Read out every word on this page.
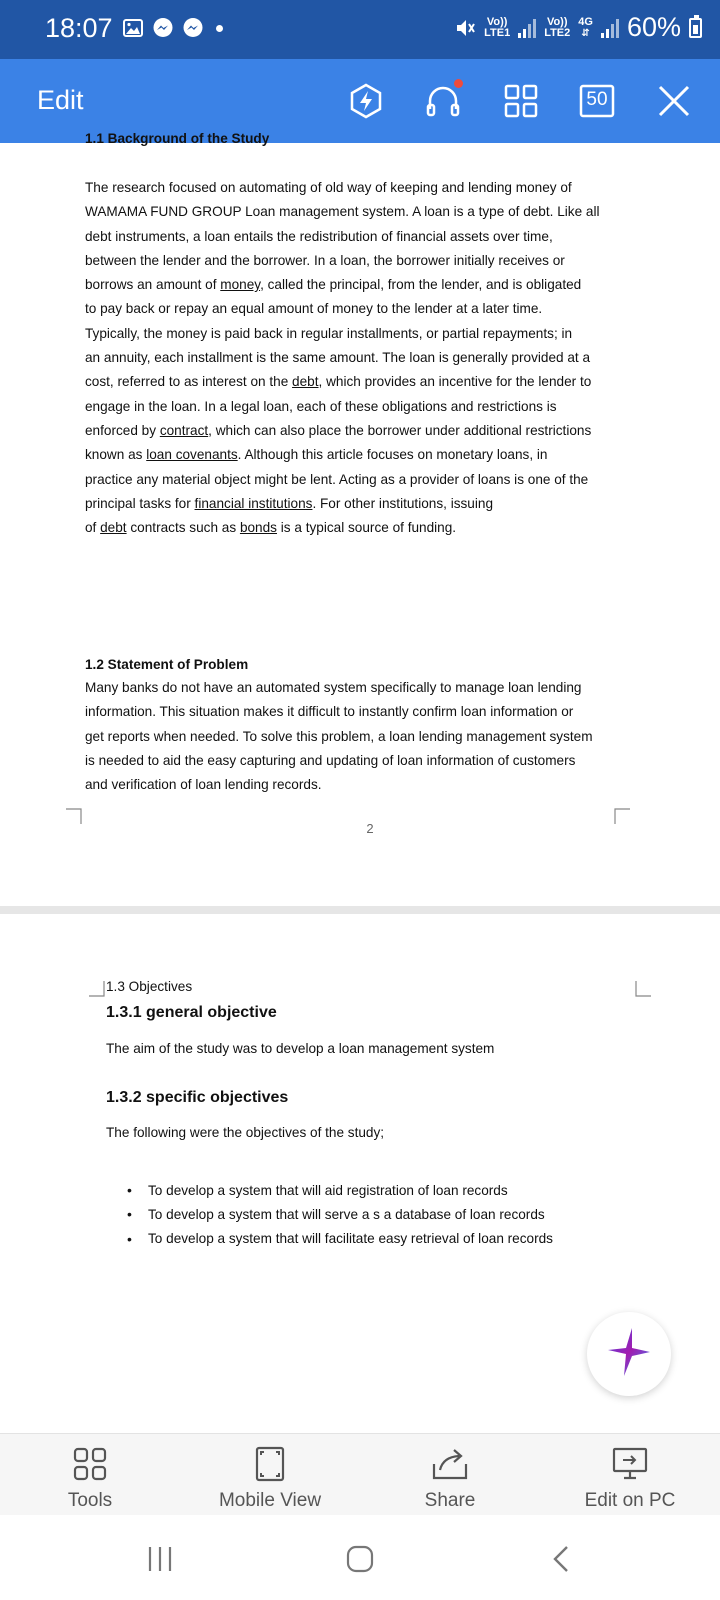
18:07	Vo))
LTE1
Vo))
LTE2
4G
⇵ 60%
Edit	50
1.1 Background of the Study
The research focused on automating of old way of keeping and lending money of
WAMAMA FUND GROUP Loan management system. A loan is a type of debt. Like all
debt instruments, a loan entails the redistribution of financial assets over time,
between the lender and the borrower. In a loan, the borrower initially receives or
borrows an amount of money, called the principal, from the lender, and is obligated
to pay back or repay an equal amount of money to the lender at a later time.
Typically, the money is paid back in regular installments, or partial repayments; in
an annuity, each installment is the same amount. The loan is generally provided at a
cost, referred to as interest on the debt, which provides an incentive for the lender to
engage in the loan. In a legal loan, each of these obligations and restrictions is
enforced by contract, which can also place the borrower under additional restrictions
known as loan covenants. Although this article focuses on monetary loans, in
practice any material object might be lent. Acting as a provider of loans is one of the
principal tasks for financial institutions. For other institutions, issuing
of debt contracts such as bonds is a typical source of funding.
1.2 Statement of Problem
Many banks do not have an automated system specifically to manage loan lending
information. This situation makes it difficult to instantly confirm loan information or
get reports when needed. To solve this problem, a loan lending management system
is needed to aid the easy capturing and updating of loan information of customers
and verification of loan lending records.
2
1.3 Objectives
1.3.1 general objective
The aim of the study was to develop a loan management system
1.3.2 specific objectives
The following were the objectives of the study;
• To develop a system that will aid registration of loan records
• To develop a system that will serve a s a database of loan records
• To develop a system that will facilitate easy retrieval of loan records
Tools	Mobile View	Share	Edit on PC
